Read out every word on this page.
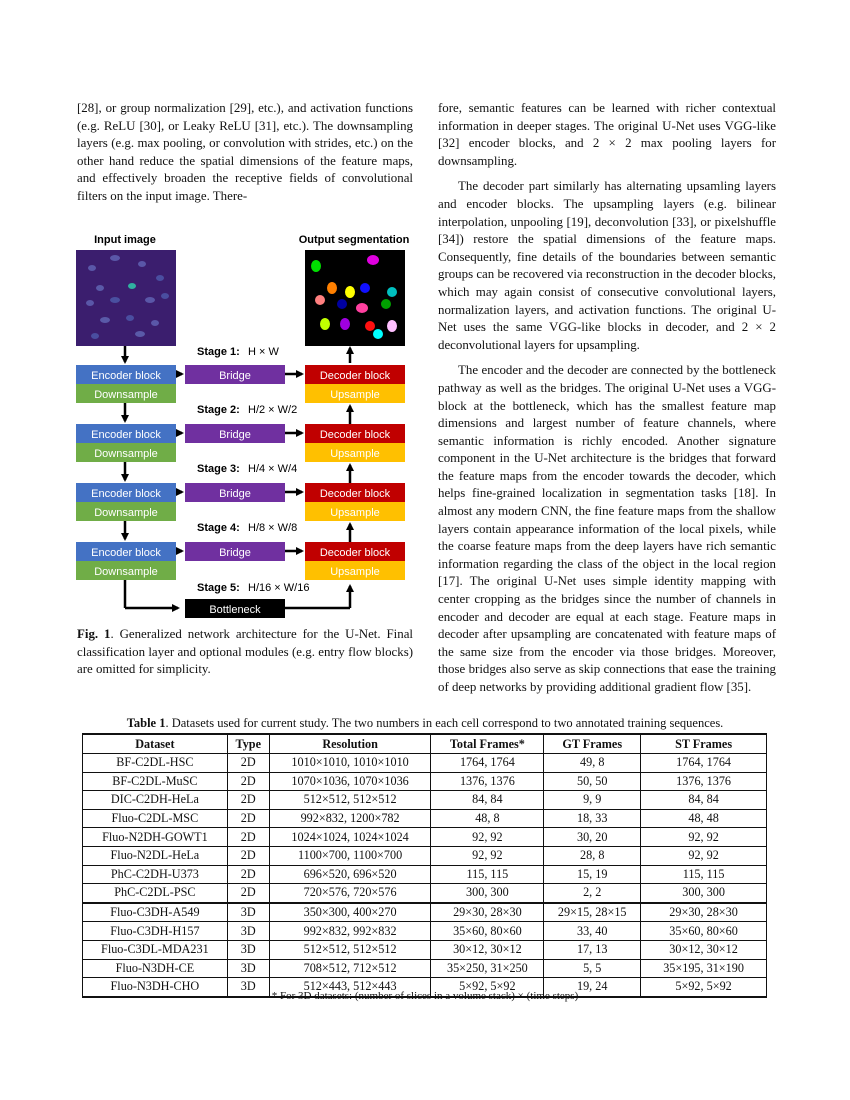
[28], or group normalization [29], etc.), and activation functions (e.g. ReLU [30], or Leaky ReLU [31], etc.). The downsampling layers (e.g. max pooling, or convolution with strides, etc.) on the other hand reduce the spatial dimensions of the feature maps, and effectively broaden the receptive fields of convolutional filters on the input image. There-

Input image	Output segmentation
Stage 1: H × W
Stage 2: H/2 × W/2
Stage 3: H/4 × W/4
Stage 4: H/8 × W/8
Stage 5: H/16 × W/16
Encoder block
Downsample
Bridge	Decoder block
Upsample
Encoder block
Downsample
Bridge	Decoder block
Upsample
Encoder block
Downsample
Bridge	Decoder block
Upsample
Encoder block
Downsample
Bridge	Decoder block
Upsample
Bottleneck
Fig. 1. Generalized network architecture for the U-Net. Final classification layer and optional modules (e.g. entry flow blocks) are omitted for simplicity.

fore, semantic features can be learned with richer contextual information in deeper stages. The original U-Net uses VGG-like [32] encoder blocks, and 2 × 2 max pooling layers for downsampling.

The decoder part similarly has alternating upsamling layers and encoder blocks. The upsampling layers (e.g. bilinear interpolation, unpooling [19], deconvolution [33], or pixelshuffle [34]) restore the spatial dimensions of the feature maps. Consequently, fine details of the boundaries between semantic groups can be recovered via reconstruction in the decoder blocks, which may again consist of consecutive convolutional layers, normalization layers, and activation functions. The original U-Net uses the same VGG-like blocks in decoder, and 2 × 2 deconvolutional layers for upsampling.

The encoder and the decoder are connected by the bottleneck pathway as well as the bridges. The original U-Net uses a VGG-block at the bottleneck, which has the smallest feature map dimensions and largest number of feature channels, where semantic information is richly encoded. Another signature component in the U-Net architecture is the bridges that forward the feature maps from the encoder towards the decoder, which helps fine-grained localization in segmentation tasks [18]. In almost any modern CNN, the fine feature maps from the shallow layers contain appearance information of the local pixels, while the coarse feature maps from the deep layers have rich semantic information regarding the class of the object in the local region [17]. The original U-Net uses simple identity mapping with center cropping as the bridges since the number of channels in encoder and decoder are equal at each stage. Feature maps in decoder after upsampling are concatenated with feature maps of the same size from the encoder via those bridges. Moreover, those bridges also serve as skip connections that ease the training of deep networks by providing additional gradient flow [35].

Table 1. Datasets used for current study. The two numbers in each cell correspond to two annotated training sequences.
Dataset	Type	Resolution	Total Frames*	GT Frames	ST Frames
BF-C2DL-HSC	2D	1010×1010, 1010×1010	1764, 1764	49, 8	1764, 1764
BF-C2DL-MuSC	2D	1070×1036, 1070×1036	1376, 1376	50, 50	1376, 1376
DIC-C2DH-HeLa	2D	512×512, 512×512	84, 84	9, 9	84, 84
Fluo-C2DL-MSC	2D	992×832, 1200×782	48, 8	18, 33	48, 48
Fluo-N2DH-GOWT1	2D	1024×1024, 1024×1024	92, 92	30, 20	92, 92
Fluo-N2DL-HeLa	2D	1100×700, 1100×700	92, 92	28, 8	92, 92
PhC-C2DH-U373	2D	696×520, 696×520	115, 115	15, 19	115, 115
PhC-C2DL-PSC	2D	720×576, 720×576	300, 300	2, 2	300, 300
Fluo-C3DH-A549	3D	350×300, 400×270	29×30, 28×30	29×15, 28×15	29×30, 28×30
Fluo-C3DH-H157	3D	992×832, 992×832	35×60, 80×60	33, 40	35×60, 80×60
Fluo-C3DL-MDA231	3D	512×512, 512×512	30×12, 30×12	17, 13	30×12, 30×12
Fluo-N3DH-CE	3D	708×512, 712×512	35×250, 31×250	5, 5	35×195, 31×190
Fluo-N3DH-CHO	3D	512×443, 512×443	5×92, 5×92	19, 24	5×92, 5×92
* For 3D datasets: (number of slices in a volume stack) × (time steps)
